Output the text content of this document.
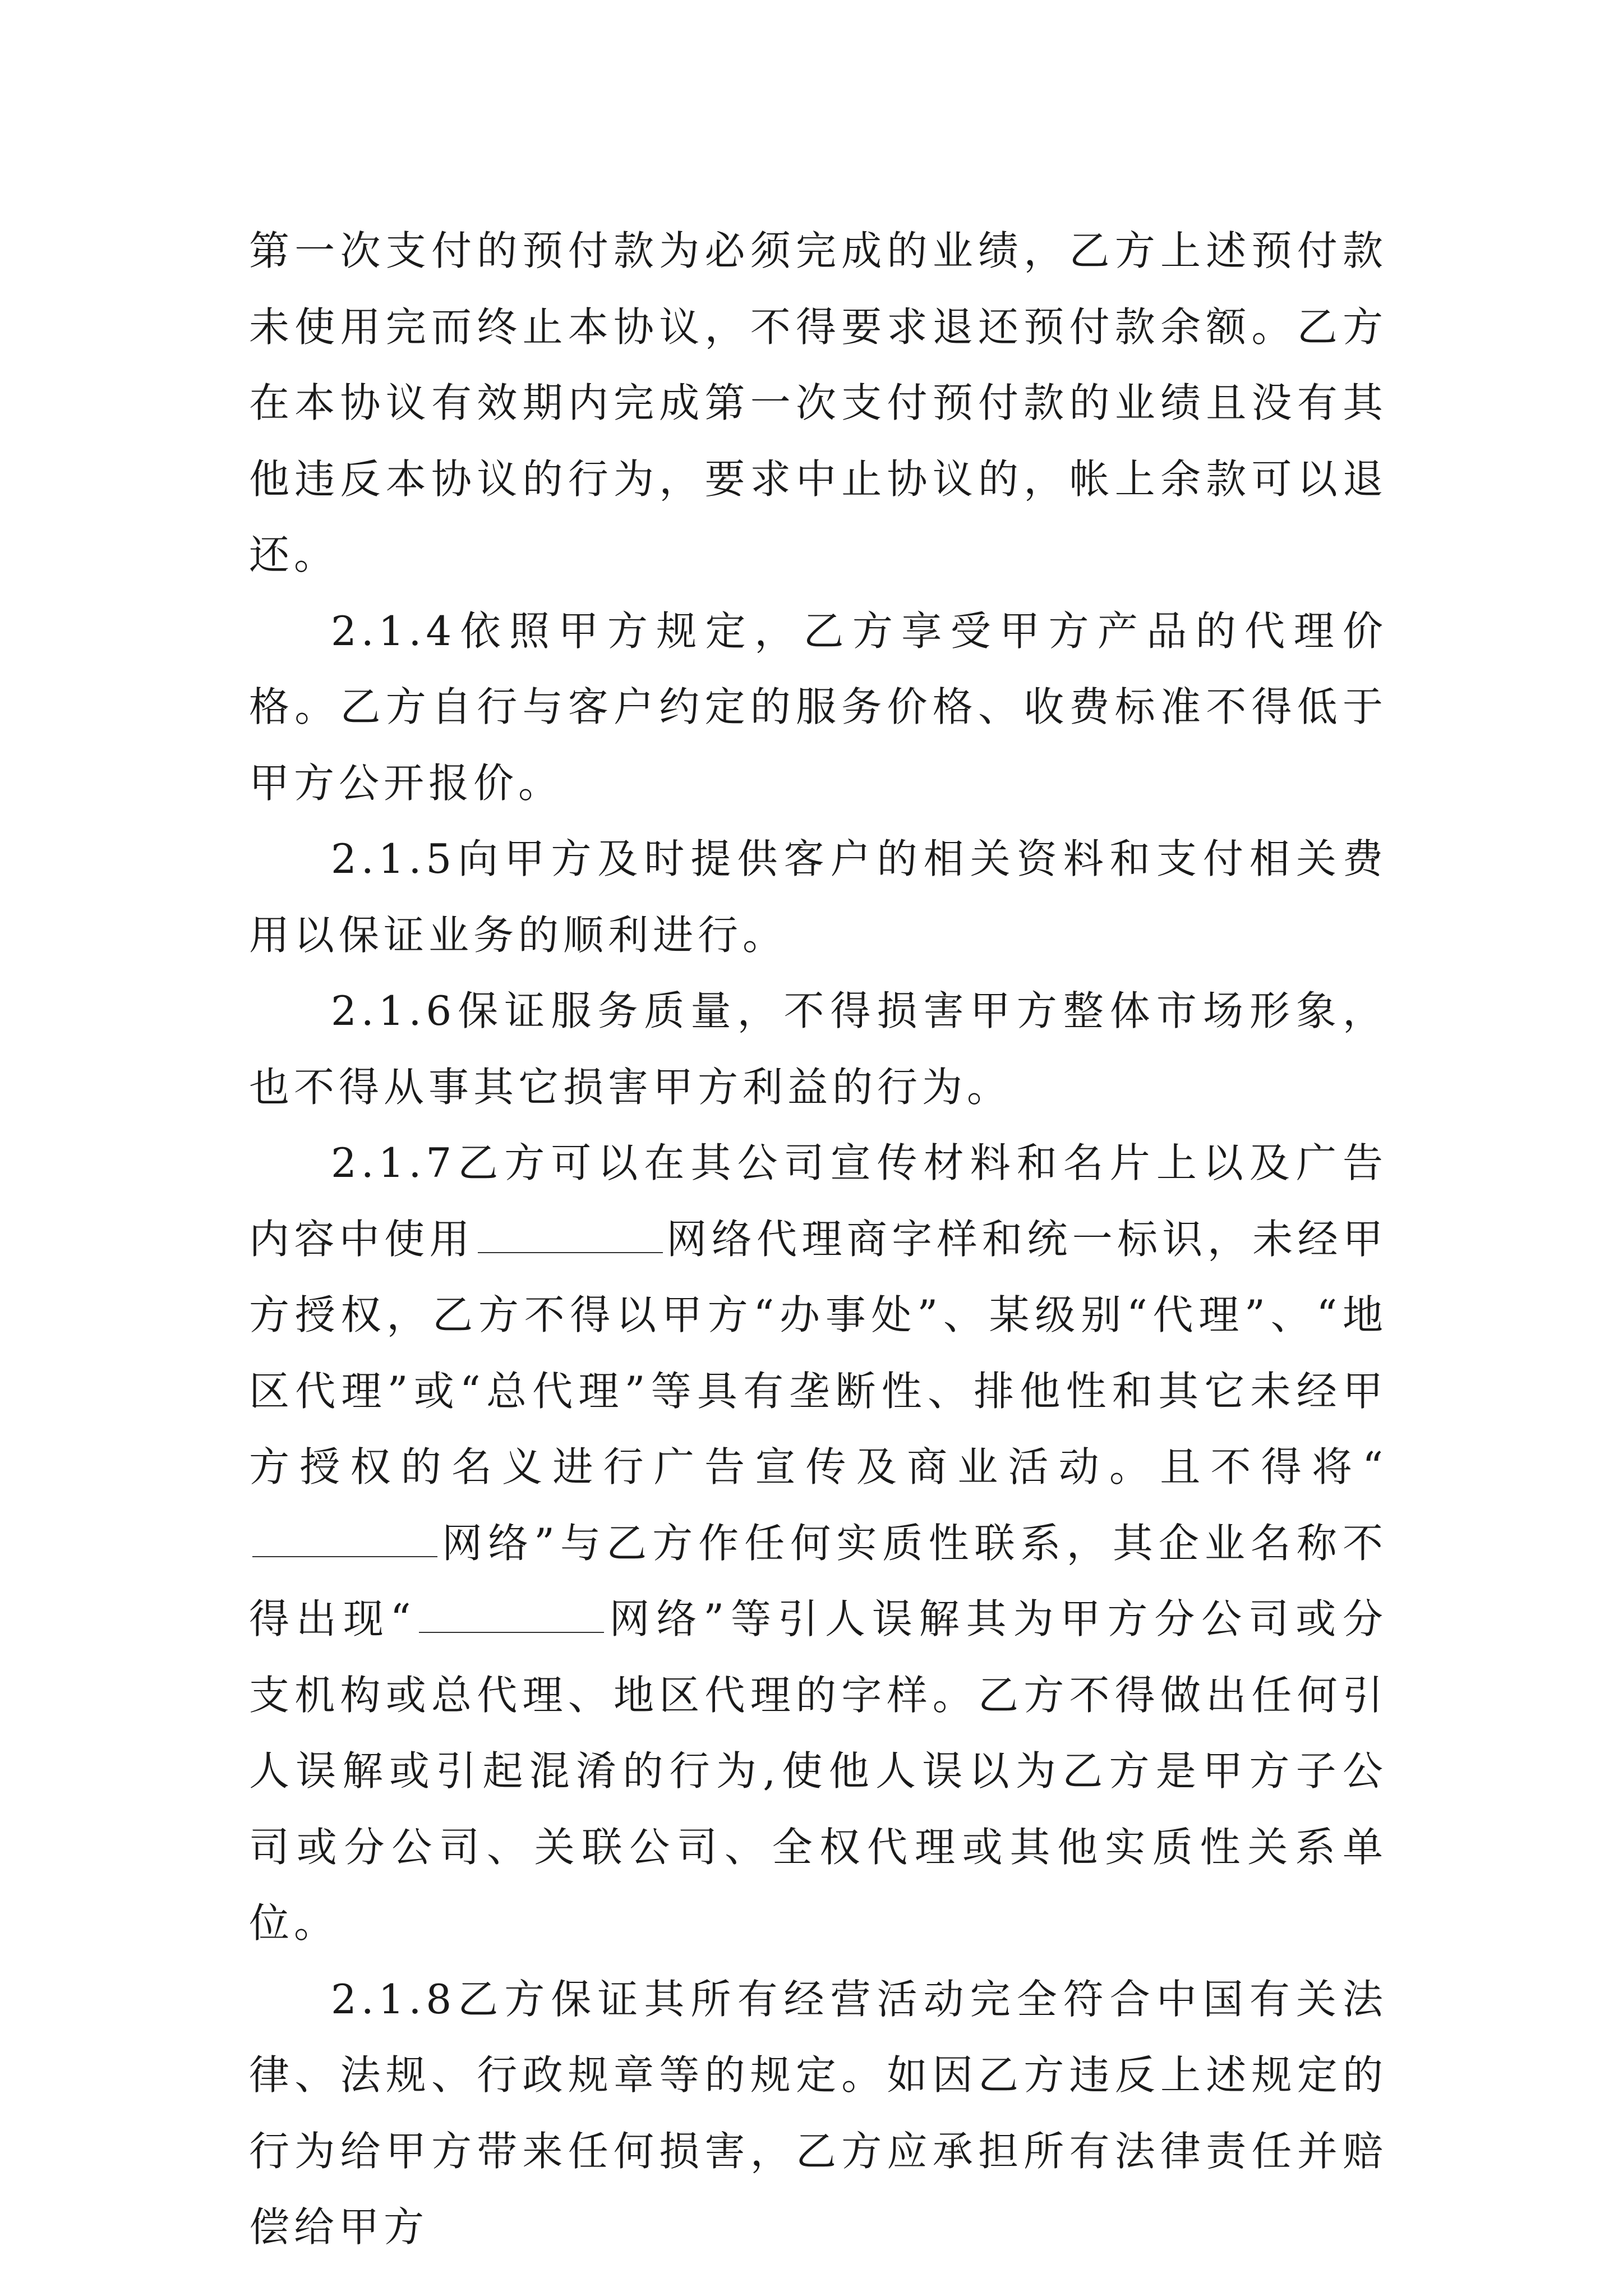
第一次支付的预付款为必须完成的业绩，乙方上述预付款未使用完而终止本协议，不得要求退还预付款余额。乙方在本协议有效期内完成第一次支付预付款的业绩且没有其他违反本协议的行为，要求中止协议的，帐上余款可以退还。

2.1.4依照甲方规定，乙方享受甲方产品的代理价格。乙方自行与客户约定的服务价格、收费标准不得低于甲方公开报价。

2.1.5向甲方及时提供客户的相关资料和支付相关费用以保证业务的顺利进行。

2.1.6保证服务质量，不得损害甲方整体市场形象，也不得从事其它损害甲方利益的行为。

2.1.7乙方可以在其公司宣传材料和名片上以及广告内容中使用	网络代理商字样和统一标识，未经甲方授权，乙方不得以甲方“办事处”、某级别“代理”、“地区代理”或“总代理”等具有垄断性、排他性和其它未经甲方授权的名义进行广告宣传及商业活动。且不得将“网络”与乙方作任何实质性联系，其企业名称不得出现“	网络”等引人误解其为甲方分公司或分支机构或总代理、地区代理的字样。乙方不得做出任何引人误解或引起混淆的行为,使他人误以为乙方是甲方子公司或分公司、关联公司、全权代理或其他实质性关系单位。

2.1.8乙方保证其所有经营活动完全符合中国有关法律、法规、行政规章等的规定。如因乙方违反上述规定的行为给甲方带来任何损害，乙方应承担所有法律责任并赔偿给甲方
